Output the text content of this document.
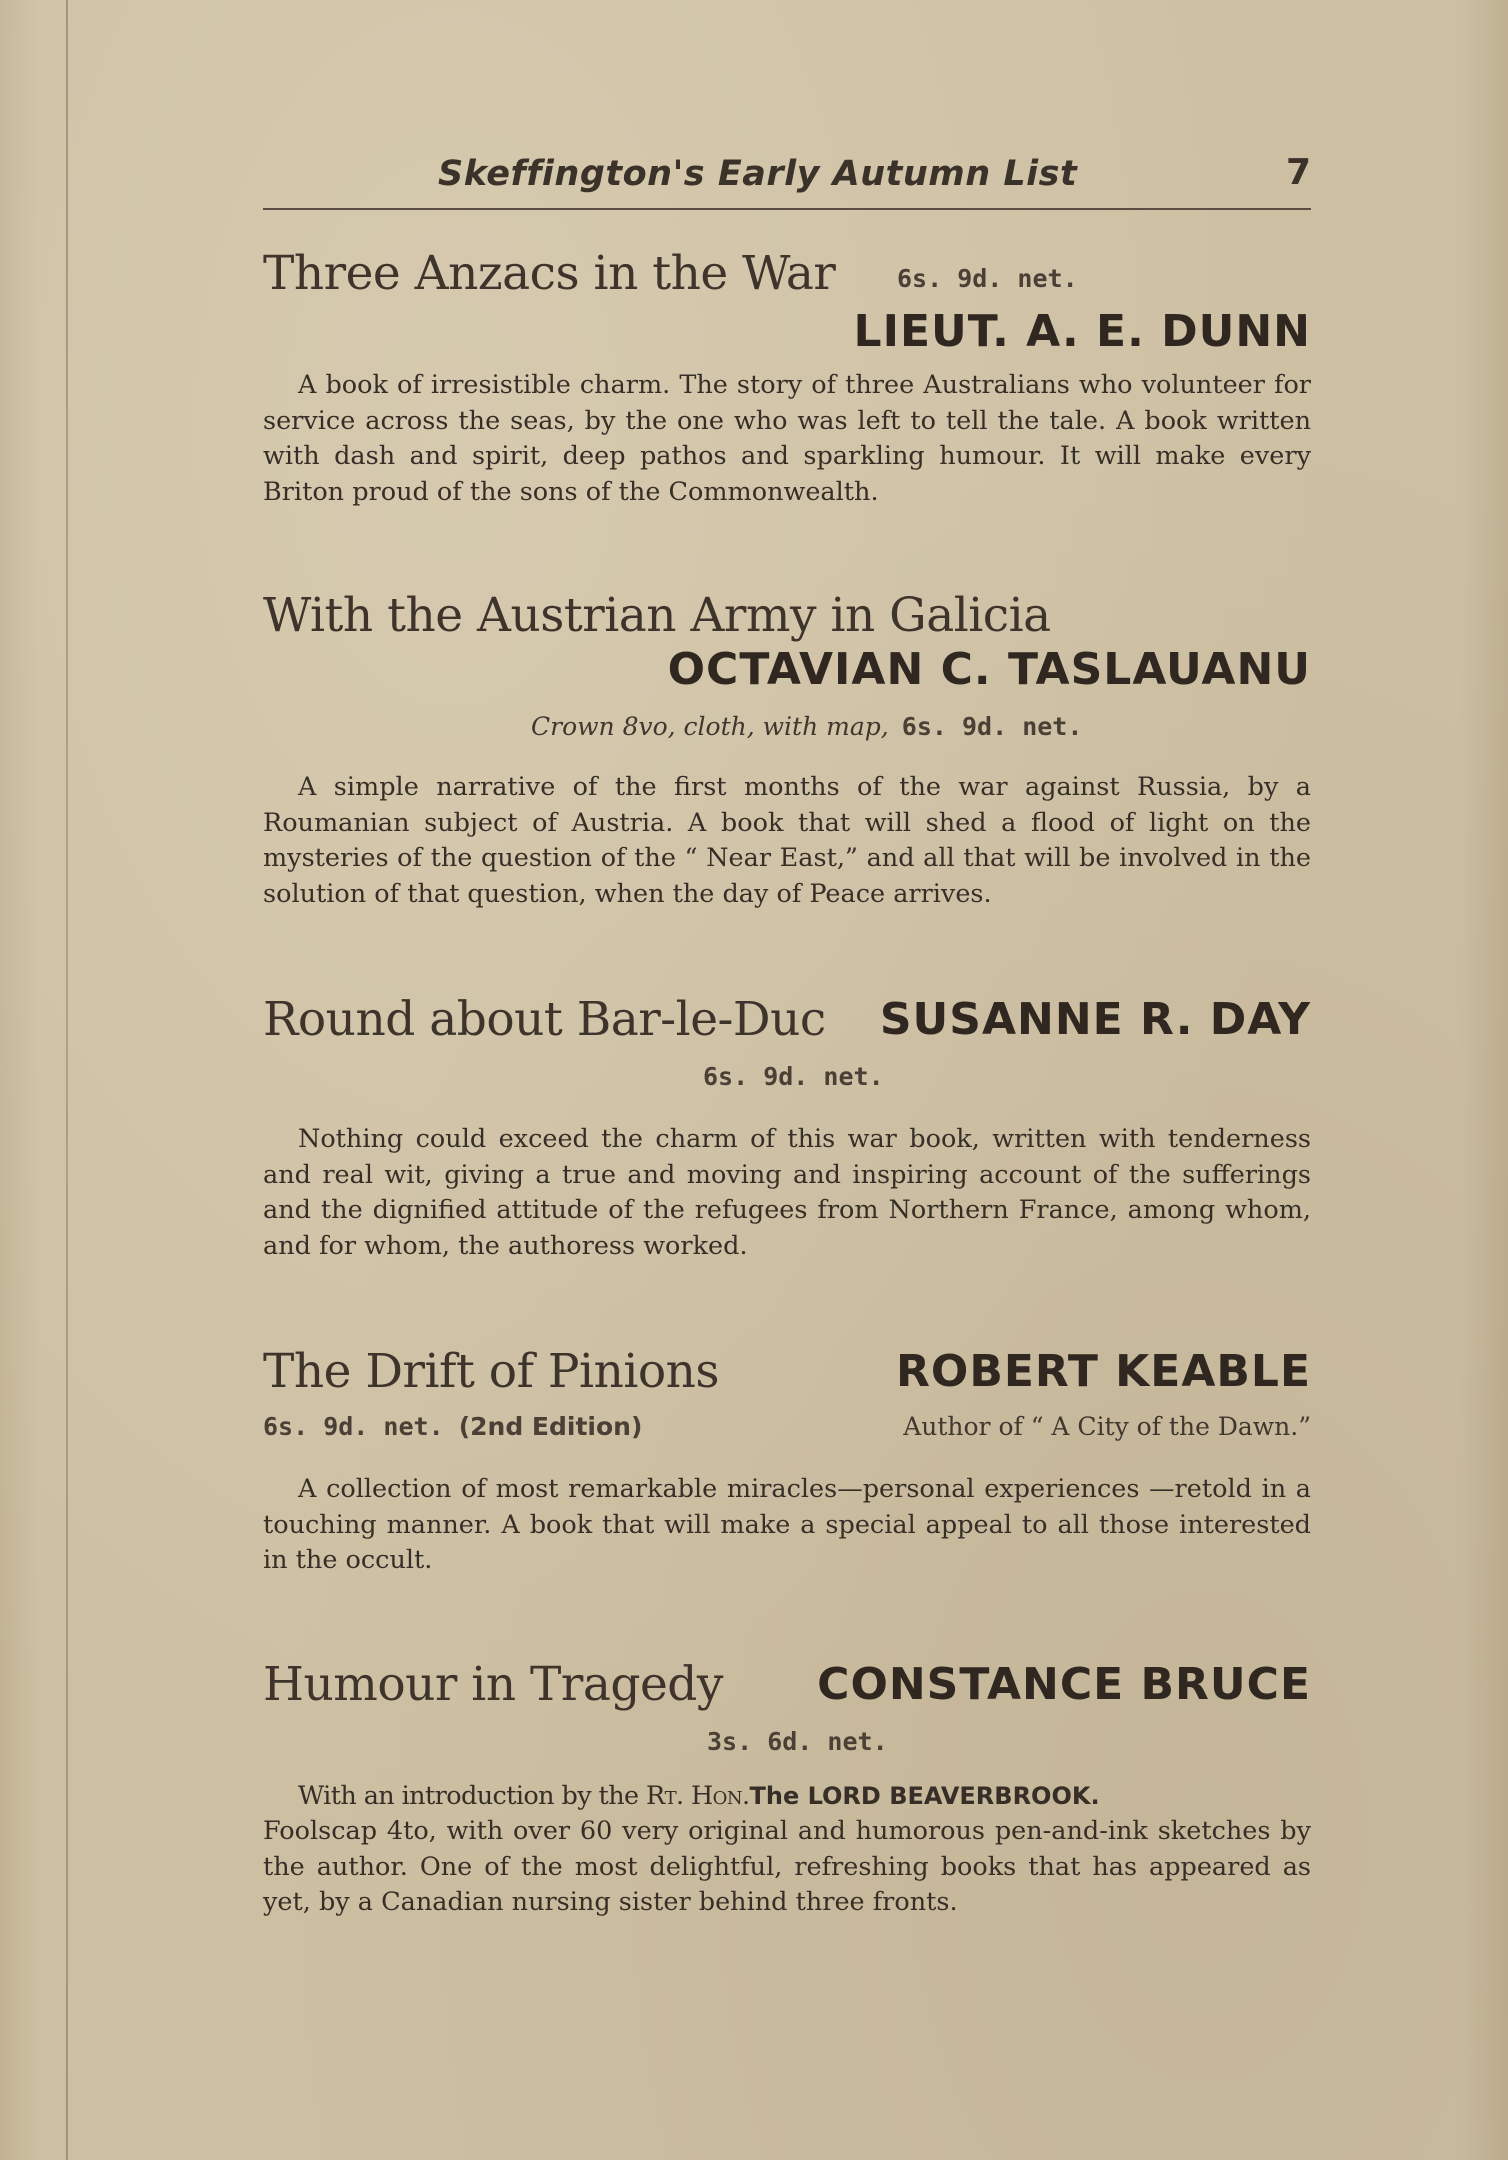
Skeffington's Early Autumn List	7
Three Anzacs in the War 6s. 9d. net.
LIEUT. A. E. DUNN

A book of irresistible charm. The story of three Australians who volunteer for service across the seas, by the one who was left to tell the tale. A book written with dash and spirit, deep pathos and sparkling humour. It will make every Briton proud of the sons of the Commonwealth.

With the Austrian Army in Galicia
OCTAVIAN C. TASLAUANU
Crown 8vo, cloth, with map, 6s. 9d. net.

A simple narrative of the first months of the war against Russia, by a Roumanian subject of Austria. A book that will shed a flood of light on the mysteries of the question of the “ Near East,” and all that will be involved in the solution of that question, when the day of Peace arrives.

Round about Bar-le-Duc SUSANNE R. DAY
6s. 9d. net.

Nothing could exceed the charm of this war book, written with tenderness and real wit, giving a true and moving and inspiring account of the sufferings and the dignified attitude of the refugees from Northern France, among whom, and for whom, the authoress worked.

The Drift of Pinions	ROBERT KEABLE
6s. 9d. net. (2nd Edition)	Author of “ A City of the Dawn.”

A collection of most remarkable miracles—personal experiences —retold in a touching manner. A book that will make a special appeal to all those interested in the occult.

Humour in Tragedy CONSTANCE BRUCE
3s. 6d. net.

With an introduction by the Rt. Hon.The LORD BEAVERBROOK.

Foolscap 4to, with over 60 very original and humorous pen-and-ink sketches by the author. One of the most delightful, refreshing books that has appeared as yet, by a Canadian nursing sister behind three fronts.
